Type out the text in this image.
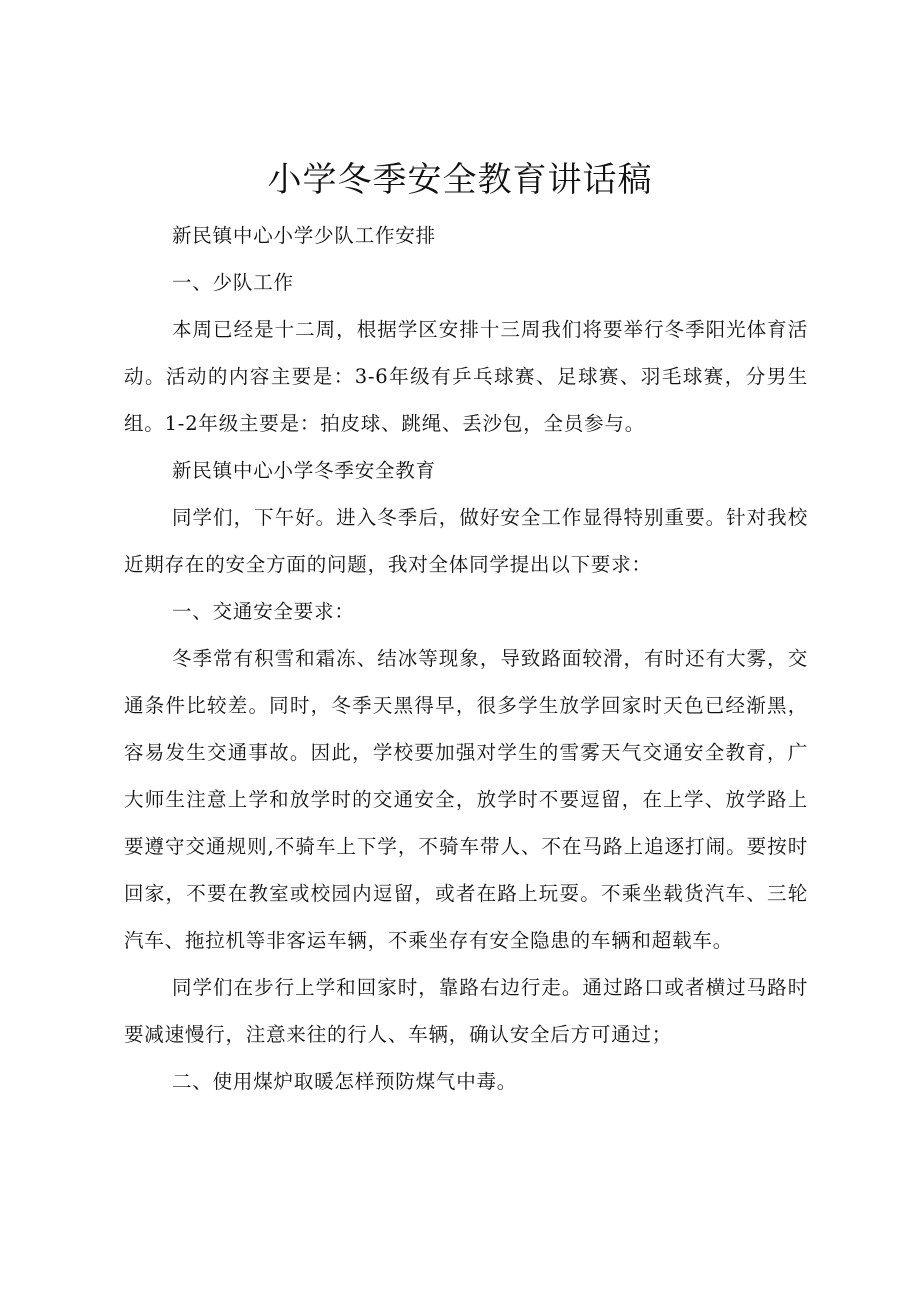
小学冬季安全教育讲话稿

新民镇中心小学少队工作安排

一、少队工作

本周已经是十二周，根据学区安排十三周我们将要举行冬季阳光体育活动。活动的内容主要是：3-6年级有乒乓球赛、足球赛、羽毛球赛，分男生组。1-2年级主要是：拍皮球、跳绳、丢沙包，全员参与。

新民镇中心小学冬季安全教育

同学们，下午好。进入冬季后，做好安全工作显得特别重要。针对我校近期存在的安全方面的问题，我对全体同学提出以下要求：

一、交通安全要求：

冬季常有积雪和霜冻、结冰等现象，导致路面较滑，有时还有大雾，交通条件比较差。同时，冬季天黑得早，很多学生放学回家时天色已经渐黑，容易发生交通事故。因此，学校要加强对学生的雪雾天气交通安全教育，广大师生注意上学和放学时的交通安全，放学时不要逗留，在上学、放学路上要遵守交通规则,不骑车上下学，不骑车带人、不在马路上追逐打闹。要按时回家，不要在教室或校园内逗留，或者在路上玩耍。不乘坐载货汽车、三轮汽车、拖拉机等非客运车辆，不乘坐存有安全隐患的车辆和超载车。

同学们在步行上学和回家时，靠路右边行走。通过路口或者横过马路时要减速慢行，注意来往的行人、车辆，确认安全后方可通过；

二、使用煤炉取暖怎样预防煤气中毒。
